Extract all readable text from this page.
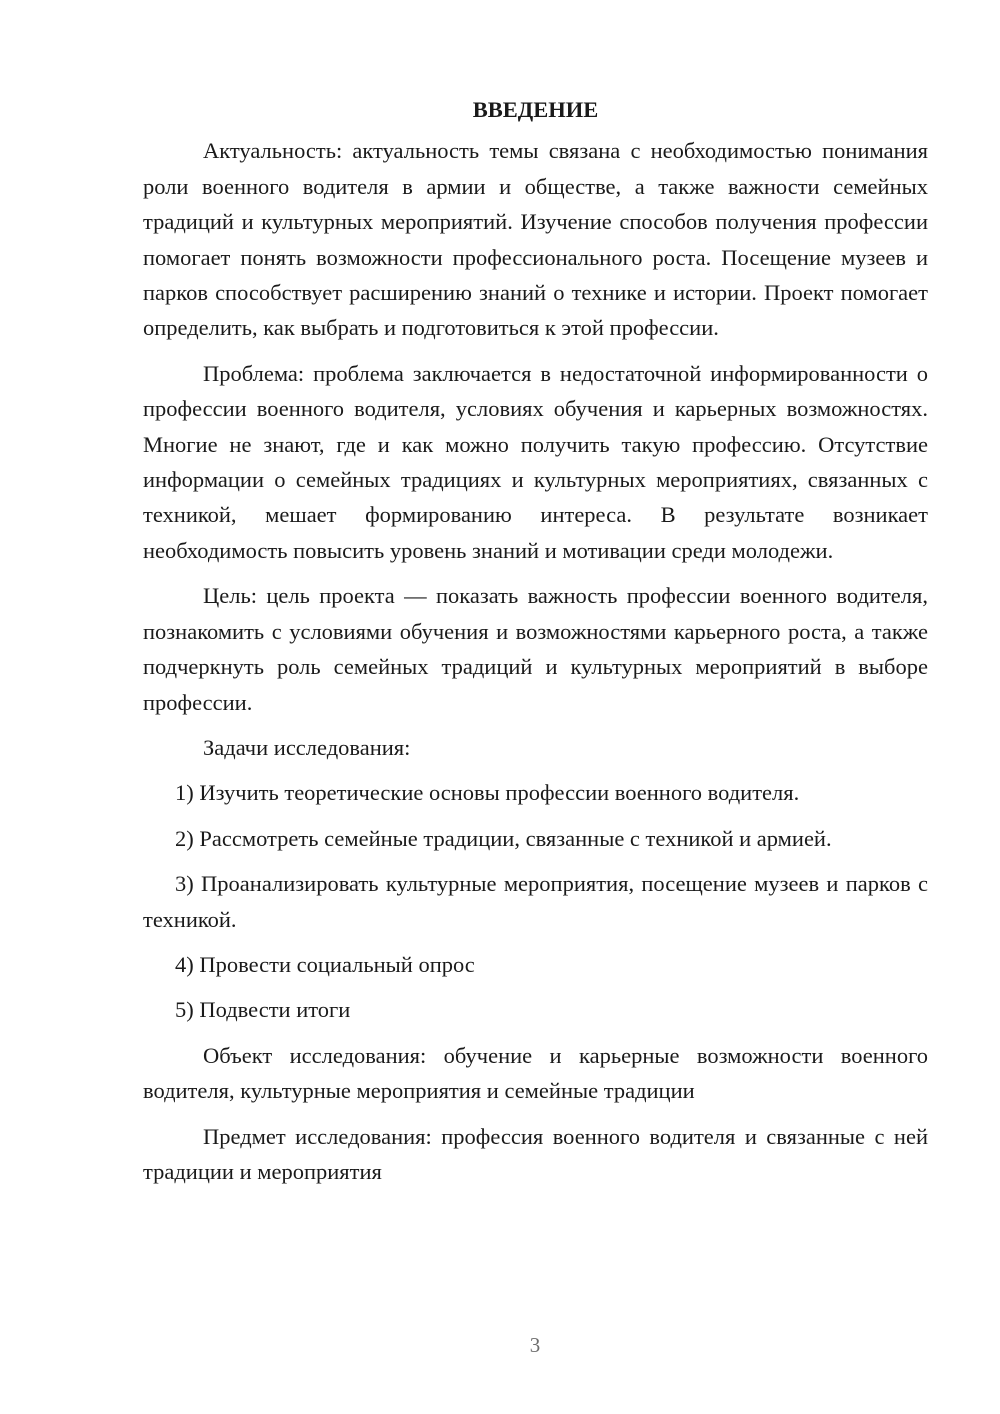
ВВЕДЕНИЕ

Актуальность: актуальность темы связана с необходимостью понимания роли военного водителя в армии и обществе, а также важности семейных традиций и культурных мероприятий. Изучение способов получения профессии помогает понять возможности профессионального роста. Посещение музеев и парков способствует расширению знаний о технике и истории. Проект помогает определить, как выбрать и подготовиться к этой профессии.

Проблема: проблема заключается в недостаточной информированности о профессии военного водителя, условиях обучения и карьерных возможностях. Многие не знают, где и как можно получить такую профессию. Отсутствие информации о семейных традициях и культурных мероприятиях, связанных с техникой, мешает формированию интереса. В результате возникает необходимость повысить уровень знаний и мотивации среди молодежи.

Цель: цель проекта — показать важность профессии военного водителя, познакомить с условиями обучения и возможностями карьерного роста, а также подчеркнуть роль семейных традиций и культурных мероприятий в выборе профессии.

Задачи исследования:

1) Изучить теоретические основы профессии военного водителя.

2) Рассмотреть семейные традиции, связанные с техникой и армией.

3) Проанализировать культурные мероприятия, посещение музеев и парков с техникой.

4) Провести социальный опрос

5) Подвести итоги

Объект исследования: обучение и карьерные возможности военного водителя, культурные мероприятия и семейные традиции

Предмет исследования: профессия военного водителя и связанные с ней традиции и мероприятия

3
